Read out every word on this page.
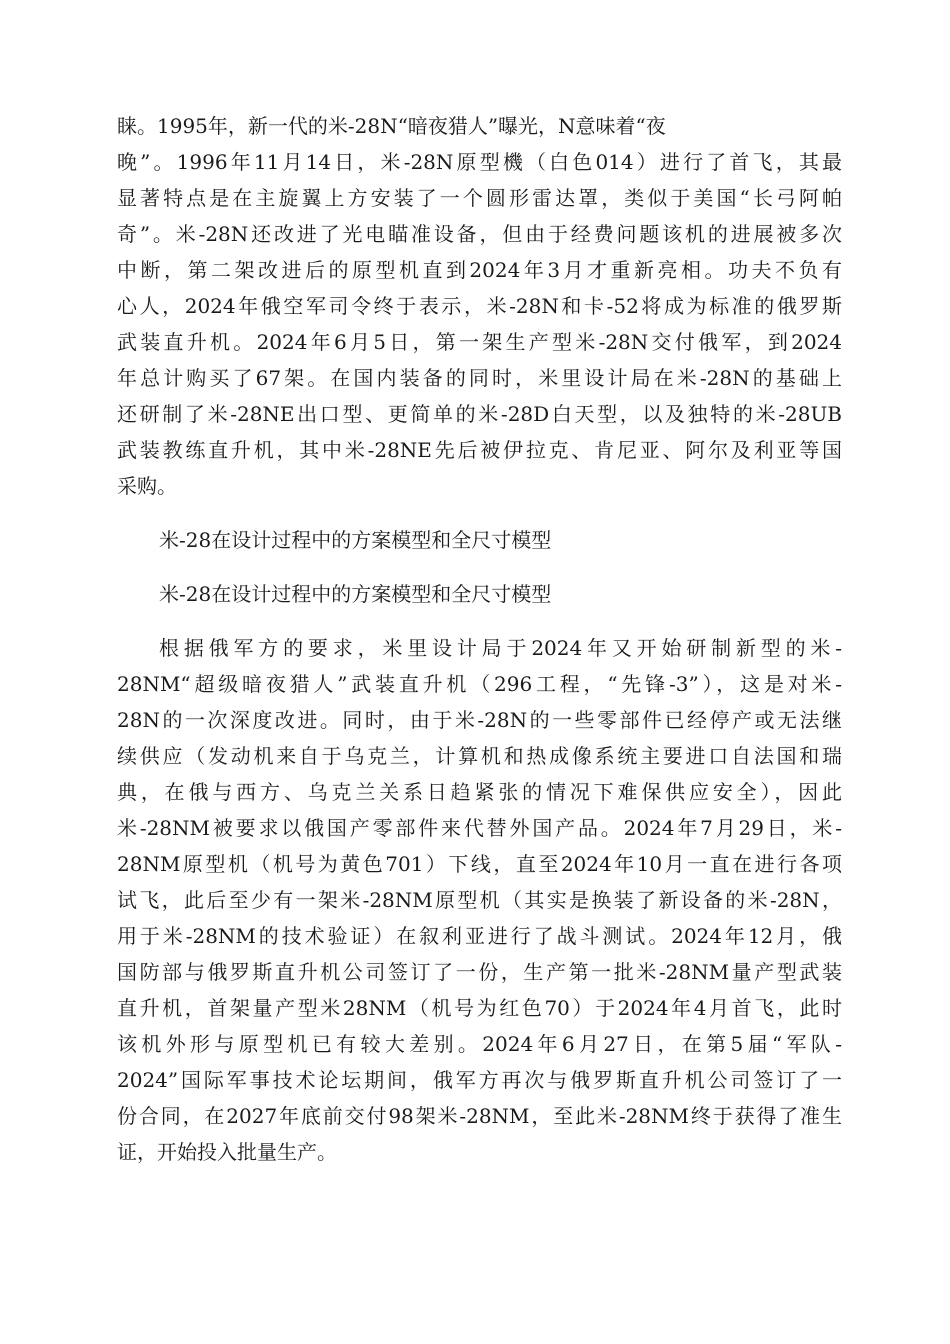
睐。1995年，新一代的米-28N“暗夜猎人”曝光，N意味着“夜
晚”。1996年11月14日，米-28N原型機（白色014）进行了首飞，其最
显著特点是在主旋翼上方安装了一个圆形雷达罩，类似于美国“长弓阿帕
奇”。米-28N还改进了光电瞄准设备，但由于经费问题该机的进展被多次
中断，第二架改进后的原型机直到2024年3月才重新亮相。功夫不负有
心人，2024年俄空军司令终于表示，米-28N和卡-52将成为标准的俄罗斯
武装直升机。2024年6月5日，第一架生产型米-28N交付俄军，到2024
年总计购买了67架。在国内装备的同时，米里设计局在米-28N的基础上
还研制了米-28NE出口型、更简单的米-28D白天型，以及独特的米-28UB
武装教练直升机，其中米-28NE先后被伊拉克、肯尼亚、阿尔及利亚等国
采购。
米-28在设计过程中的方案模型和全尺寸模型
米-28在设计过程中的方案模型和全尺寸模型
根据俄军方的要求，米里设计局于2024年又开始研制新型的米-
28NM“超级暗夜猎人”武装直升机（296工程，“先锋-3”），这是对米-
28N的一次深度改进。同时，由于米-28N的一些零部件已经停产或无法继
续供应（发动机来自于乌克兰，计算机和热成像系统主要进口自法国和瑞
典，在俄与西方、乌克兰关系日趋紧张的情况下难保供应安全），因此
米-28NM被要求以俄国产零部件来代替外国产品。2024年7月29日，米-
28NM原型机（机号为黄色701）下线，直至2024年10月一直在进行各项
试飞，此后至少有一架米-28NM原型机（其实是换装了新设备的米-28N，
用于米-28NM的技术验证）在叙利亚进行了战斗测试。2024年12月，俄
国防部与俄罗斯直升机公司签订了一份，生产第一批米-28NM量产型武装
直升机，首架量产型米28NM（机号为红色70）于2024年4月首飞，此时
该机外形与原型机已有较大差别。2024年6月27日，在第5届“军队-
2024”国际军事技术论坛期间，俄军方再次与俄罗斯直升机公司签订了一
份合同，在2027年底前交付98架米-28NM，至此米-28NM终于获得了准生
证，开始投入批量生产。
